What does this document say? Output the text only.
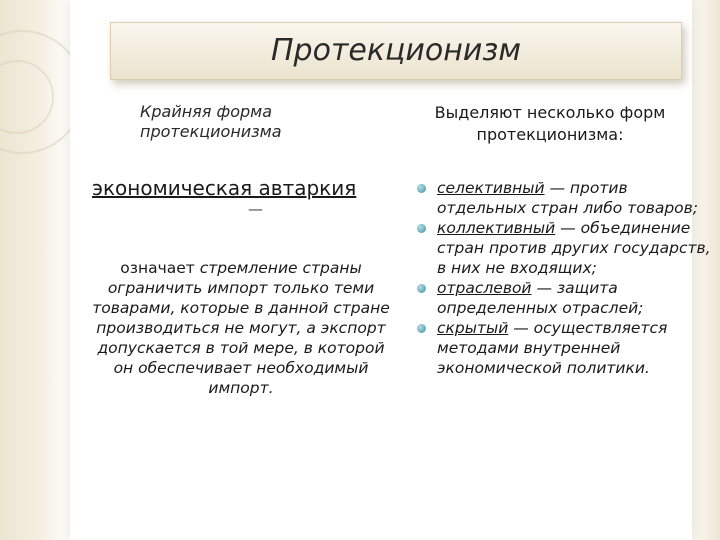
Протекционизм
Крайняя форма протекционизма
Выделяют несколько форм протекционизма:
экономическая автаркия
—
означает стремление страны ограничить импорт только теми товарами, которые в данной стране производиться не могут, а экспорт допускается в той мере, в которой он обеспечивает необходимый импорт.
селективный — против отдельных стран либо товаров;
коллективный — объединение стран против других государств, в них не входящих;
отраслевой — защита определенных отраслей;
скрытый — осуществляется методами внутренней экономической политики.
